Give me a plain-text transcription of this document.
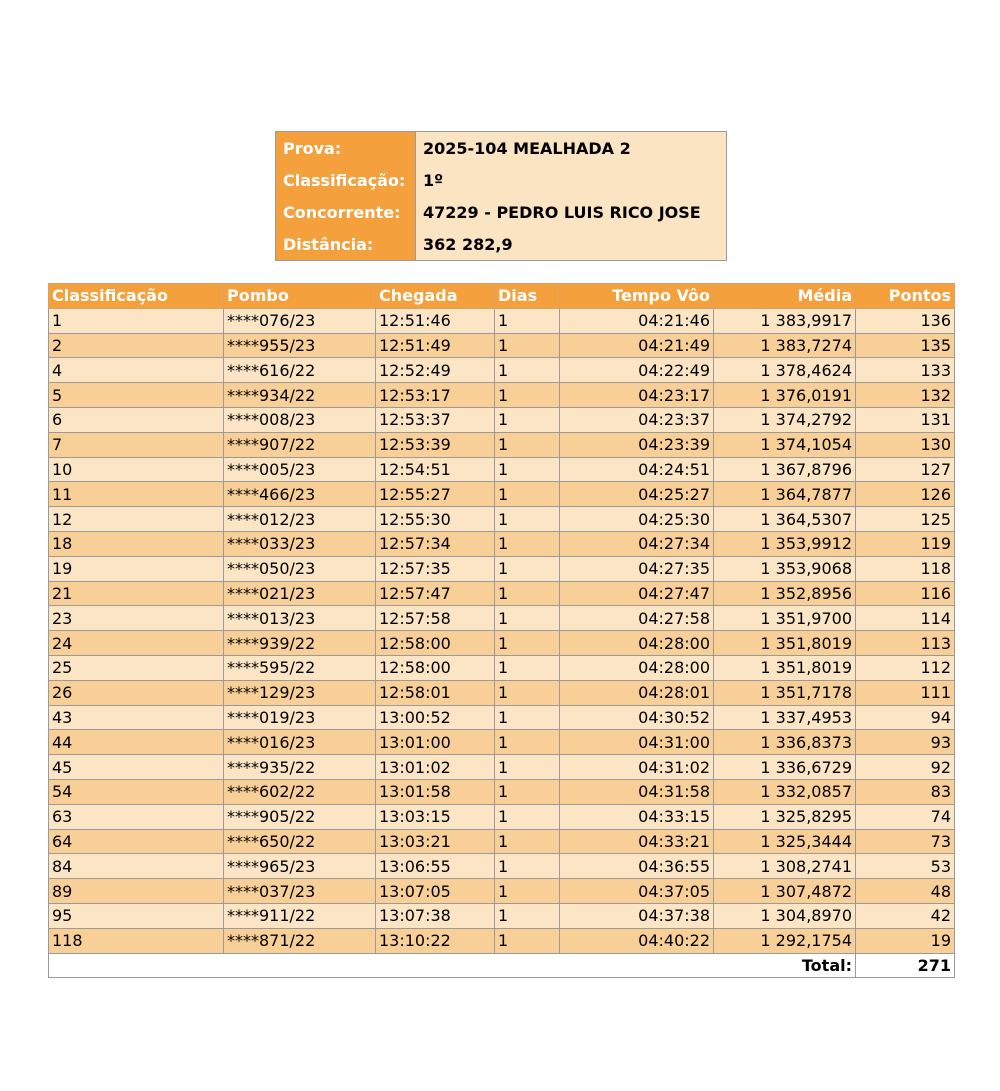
Prova:	2025-104 MEALHADA 2
Classificação:	1º
Concorrente:	47229 - PEDRO LUIS RICO JOSE
Distância:	362 282,9
Classificação	Pombo	Chegada	Dias	Tempo Vôo	Média	Pontos
1	****076/23	12:51:46	1	04:21:46	1 383,9917	136
2	****955/23	12:51:49	1	04:21:49	1 383,7274	135
4	****616/22	12:52:49	1	04:22:49	1 378,4624	133
5	****934/22	12:53:17	1	04:23:17	1 376,0191	132
6	****008/23	12:53:37	1	04:23:37	1 374,2792	131
7	****907/22	12:53:39	1	04:23:39	1 374,1054	130
10	****005/23	12:54:51	1	04:24:51	1 367,8796	127
11	****466/23	12:55:27	1	04:25:27	1 364,7877	126
12	****012/23	12:55:30	1	04:25:30	1 364,5307	125
18	****033/23	12:57:34	1	04:27:34	1 353,9912	119
19	****050/23	12:57:35	1	04:27:35	1 353,9068	118
21	****021/23	12:57:47	1	04:27:47	1 352,8956	116
23	****013/23	12:57:58	1	04:27:58	1 351,9700	114
24	****939/22	12:58:00	1	04:28:00	1 351,8019	113
25	****595/22	12:58:00	1	04:28:00	1 351,8019	112
26	****129/23	12:58:01	1	04:28:01	1 351,7178	111
43	****019/23	13:00:52	1	04:30:52	1 337,4953	94
44	****016/23	13:01:00	1	04:31:00	1 336,8373	93
45	****935/22	13:01:02	1	04:31:02	1 336,6729	92
54	****602/22	13:01:58	1	04:31:58	1 332,0857	83
63	****905/22	13:03:15	1	04:33:15	1 325,8295	74
64	****650/22	13:03:21	1	04:33:21	1 325,3444	73
84	****965/23	13:06:55	1	04:36:55	1 308,2741	53
89	****037/23	13:07:05	1	04:37:05	1 307,4872	48
95	****911/22	13:07:38	1	04:37:38	1 304,8970	42
118	****871/22	13:10:22	1	04:40:22	1 292,1754	19
Total:						271
